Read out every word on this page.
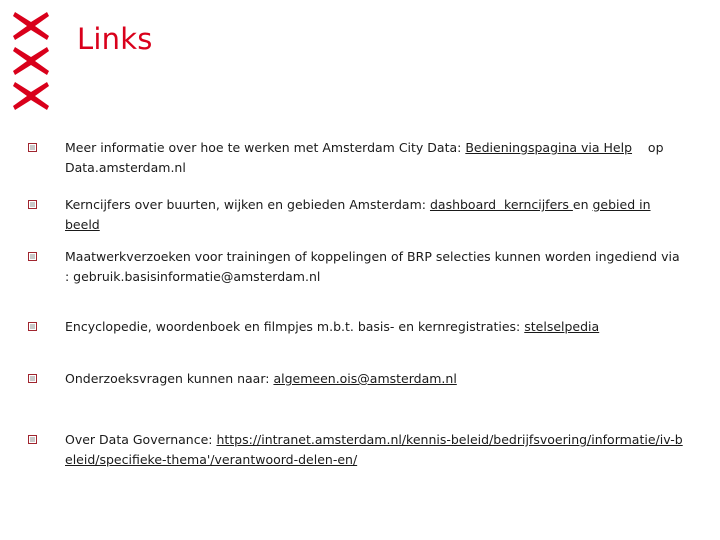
Links
Meer informatie over hoe te werken met Amsterdam City Data: Bedieningspagina via Help    op Data.amsterdam.nl
Kerncijfers over buurten, wijken en gebieden Amsterdam: dashboard  kerncijfers en gebied in beeld
Maatwerkverzoeken voor trainingen of koppelingen of BRP selecties kunnen worden ingediend via : gebruik.basisinformatie@amsterdam.nl
Encyclopedie, woordenboek en filmpjes m.b.t. basis- en kernregistraties: stelselpedia
Onderzoeksvragen kunnen naar: algemeen.ois@amsterdam.nl
Over Data Governance: https://intranet.amsterdam.nl/kennis-beleid/bedrijfsvoering/informatie/iv-beleid/specifieke-thema'/verantwoord-delen-en/
